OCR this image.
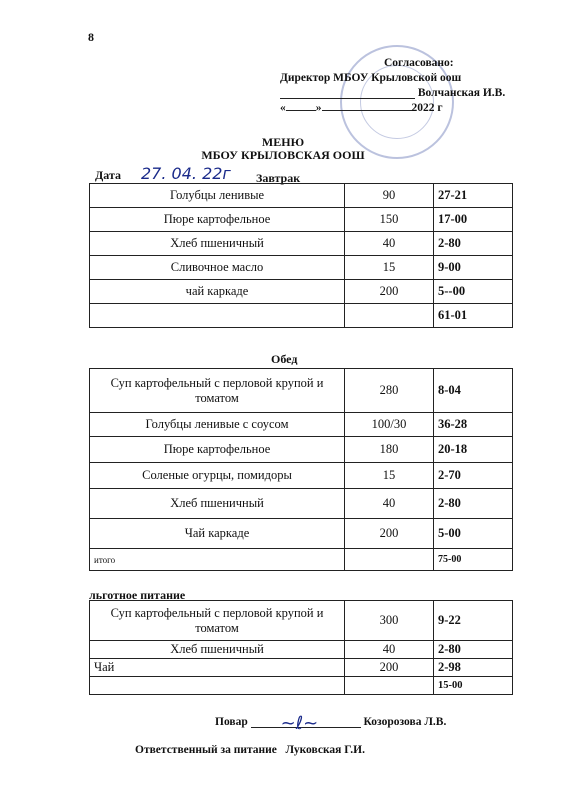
8
Согласовано:
Директор МБОУ Крыловской оош
Волчанская И.В.
«	»	2022 г
МЕНЮ
МБОУ КРЫЛОВСКАЯ ООШ
Дата 27. 04. 22г	Завтрак
Голубцы ленивые	90	27-21
Пюре картофельное	150	17-00
Хлеб пшеничный	40	2-80
Сливочное масло	15	9-00
чай каркаде	200	5--00
		61-01
Обед
Суп картофельный с перловой крупой и томатом	280	8-04
Голубцы ленивые с соусом	100/30	36-28
Пюре картофельное	180	20-18
Соленые огурцы, помидоры	15	2-70
Хлеб пшеничный	40	2-80
Чай каркаде	200	5-00
итого		75-00
льготное питание
Суп картофельный с перловой крупой и томатом	300	9-22
Хлеб пшеничный	40	2-80
Чай	200	2-98
		15-00
Повар ~ℓ~	Козорозова Л.В.
Ответственный за питание Луковская Г.И.
